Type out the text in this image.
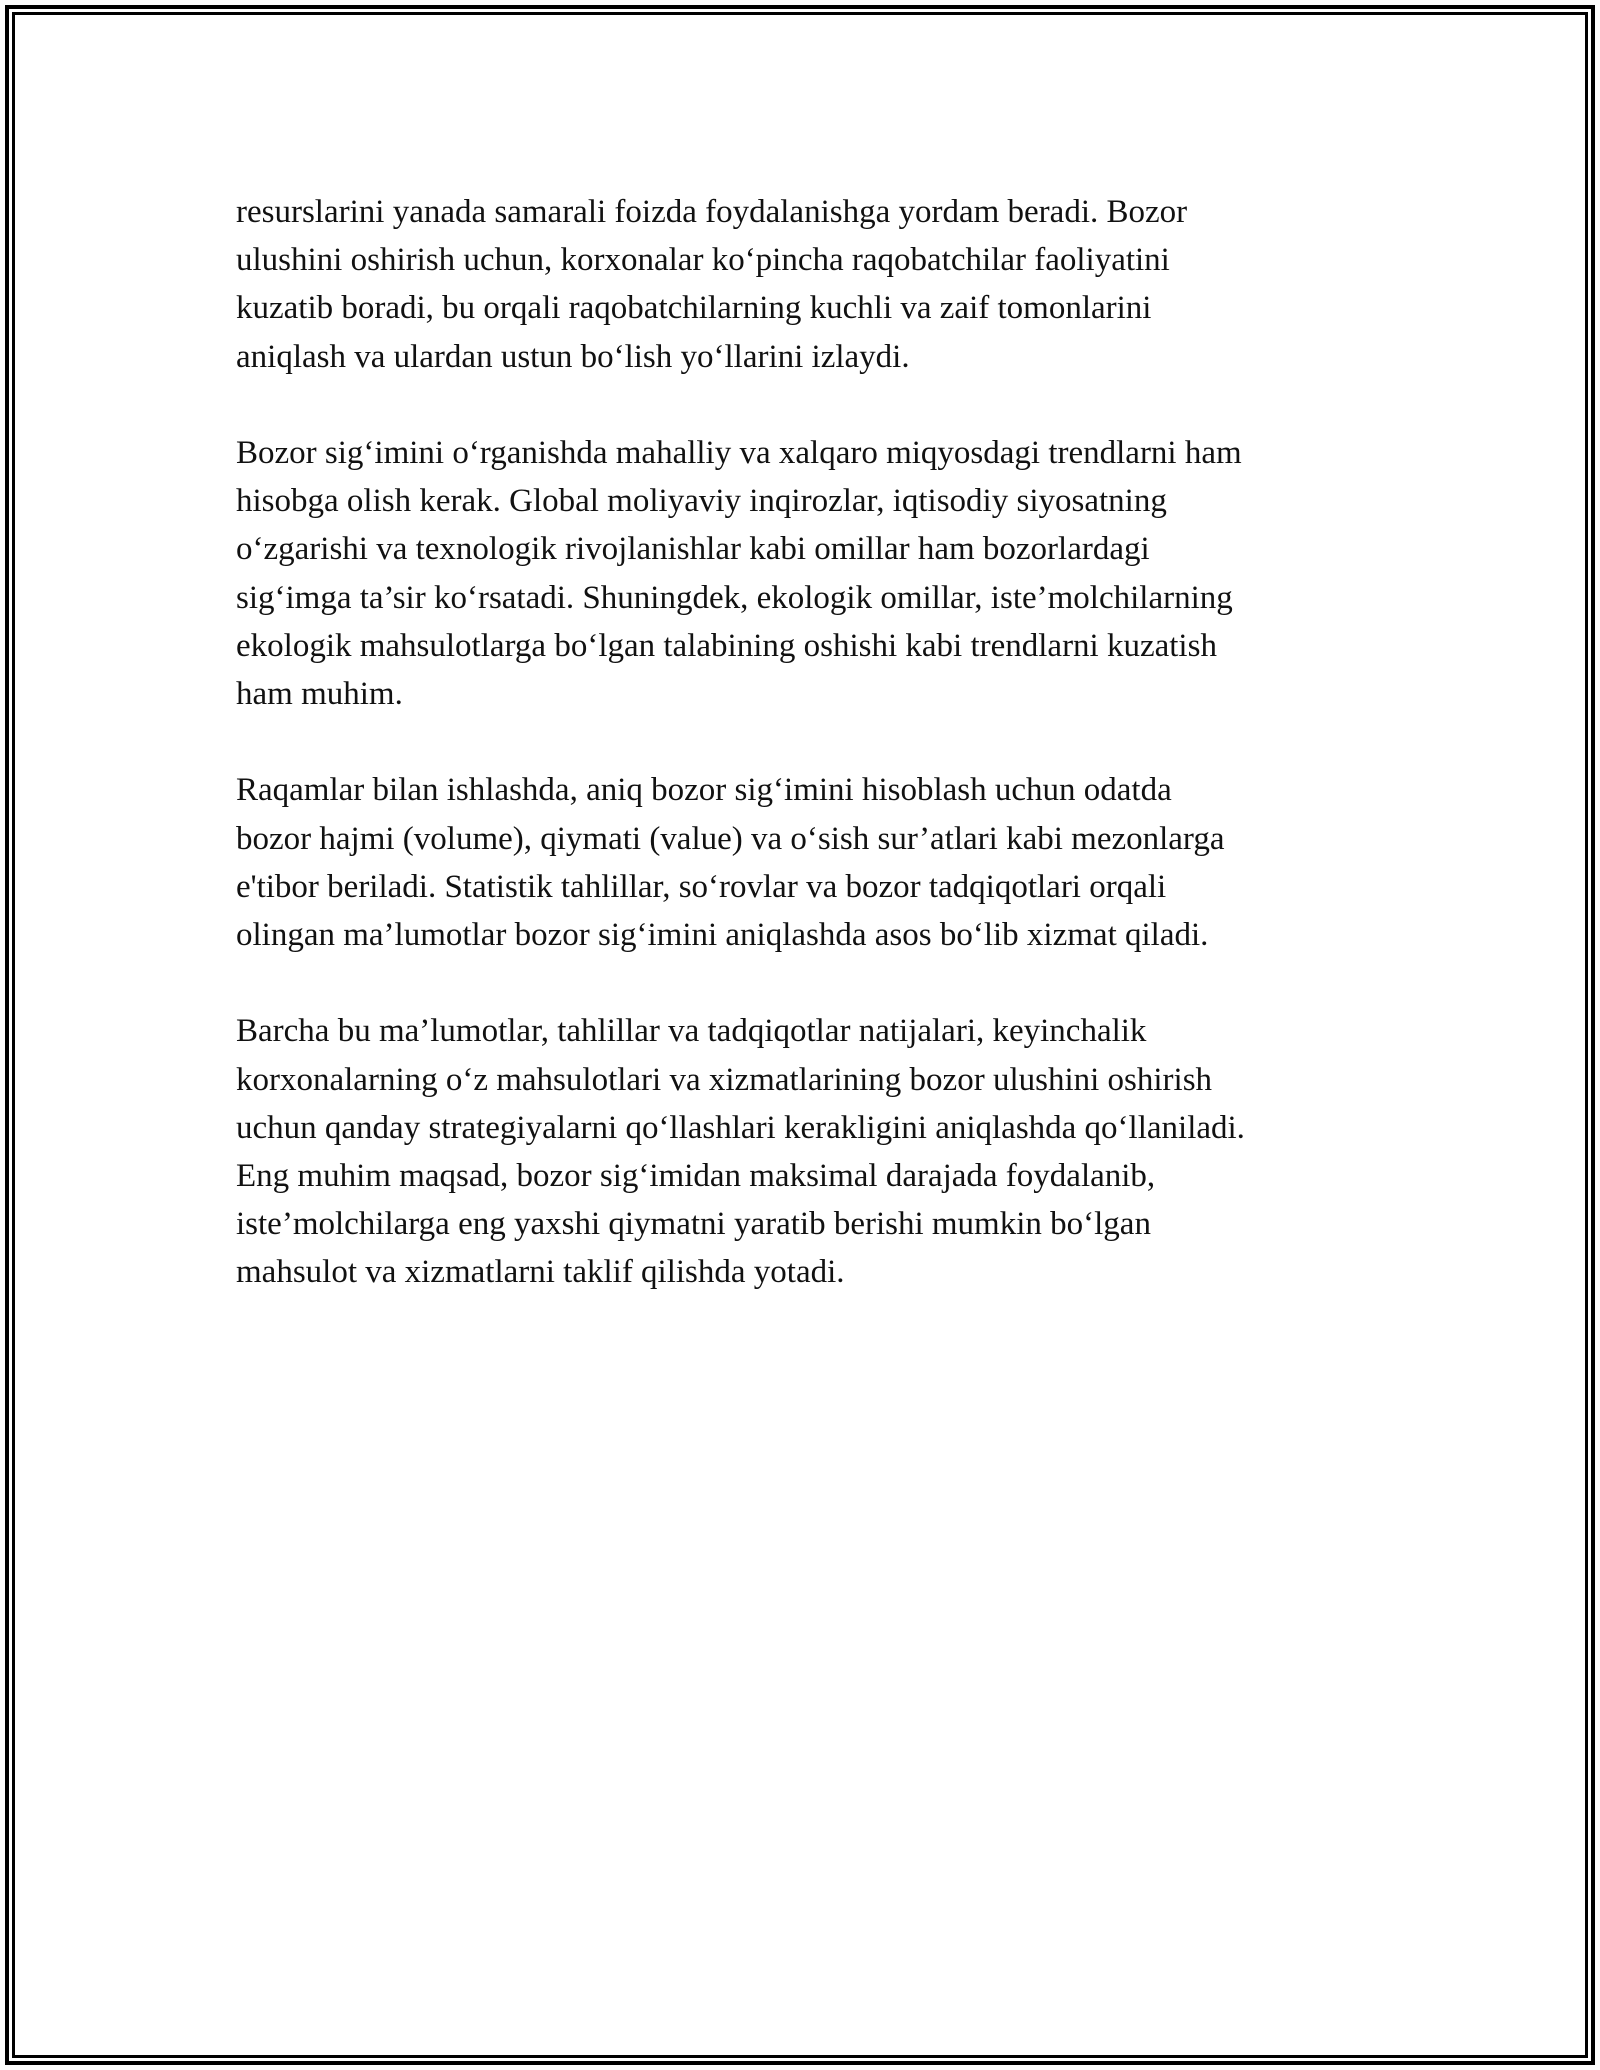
resurslarini yanada samarali foizda foydalanishga yordam beradi. Bozor
ulushini oshirish uchun, korxonalar ko‘pincha raqobatchilar faoliyatini
kuzatib boradi, bu orqali raqobatchilarning kuchli va zaif tomonlarini
aniqlash va ulardan ustun bo‘lish yo‘llarini izlaydi.

Bozor sig‘imini o‘rganishda mahalliy va xalqaro miqyosdagi trendlarni ham
hisobga olish kerak. Global moliyaviy inqirozlar, iqtisodiy siyosatning
o‘zgarishi va texnologik rivojlanishlar kabi omillar ham bozorlardagi
sig‘imga ta’sir ko‘rsatadi. Shuningdek, ekologik omillar, iste’molchilarning
ekologik mahsulotlarga bo‘lgan talabining oshishi kabi trendlarni kuzatish
ham muhim.

Raqamlar bilan ishlashda, aniq bozor sig‘imini hisoblash uchun odatda
bozor hajmi (volume), qiymati (value) va o‘sish sur’atlari kabi mezonlarga
e'tibor beriladi. Statistik tahlillar, so‘rovlar va bozor tadqiqotlari orqali
olingan ma’lumotlar bozor sig‘imini aniqlashda asos bo‘lib xizmat qiladi.

Barcha bu ma’lumotlar, tahlillar va tadqiqotlar natijalari, keyinchalik
korxonalarning o‘z mahsulotlari va xizmatlarining bozor ulushini oshirish
uchun qanday strategiyalarni qo‘llashlari kerakligini aniqlashda qo‘llaniladi.
Eng muhim maqsad, bozor sig‘imidan maksimal darajada foydalanib,
iste’molchilarga eng yaxshi qiymatni yaratib berishi mumkin bo‘lgan
mahsulot va xizmatlarni taklif qilishda yotadi.
